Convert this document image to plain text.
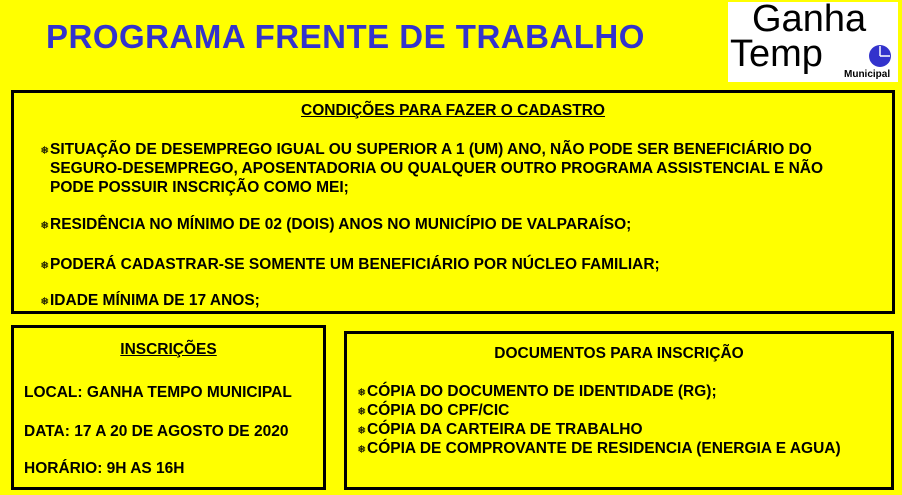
PROGRAMA FRENTE DE TRABALHO	Ganha
Temp Municipal
CONDIÇÕES PARA FAZER O CADASTRO
❅SITUAÇÃO DE DESEMPREGO IGUAL OU SUPERIOR A 1 (UM) ANO, NÃO PODE SER BENEFICIÁRIO DO SEGURO-DESEMPREGO, APOSENTADORIA OU QUALQUER OUTRO PROGRAMA ASSISTENCIAL E NÃO PODE POSSUIR INSCRIÇÃO COMO MEI;
❅RESIDÊNCIA NO MÍNIMO DE 02 (DOIS) ANOS NO MUNICÍPIO DE VALPARAÍSO;
❅PODERÁ CADASTRAR-SE SOMENTE UM BENEFICIÁRIO POR NÚCLEO FAMILIAR;
❅IDADE MÍNIMA DE 17 ANOS;
INSCRIÇÕES
LOCAL: GANHA TEMPO MUNICIPAL
DATA: 17 A 20 DE AGOSTO DE 2020
HORÁRIO: 9H AS 16H
DOCUMENTOS PARA INSCRIÇÃO
❅CÓPIA DO DOCUMENTO DE IDENTIDADE (RG);
❅CÓPIA DO CPF/CIC
❅CÓPIA DA CARTEIRA DE TRABALHO
❅CÓPIA DE COMPROVANTE DE RESIDENCIA (ENERGIA E AGUA)
